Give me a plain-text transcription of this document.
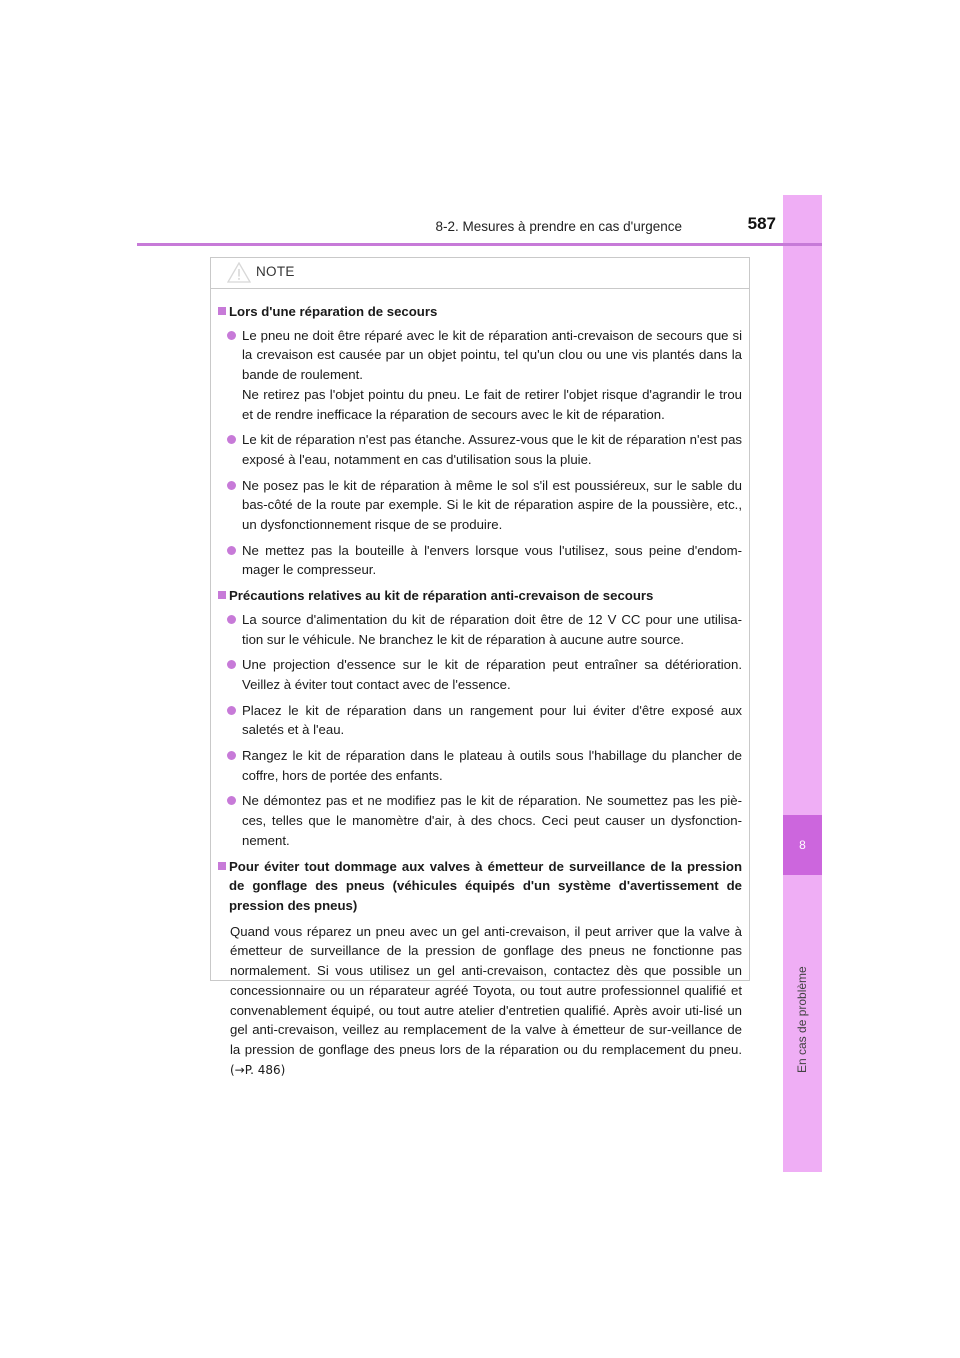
8
En cas de problème
8-2. Mesures à prendre en cas d'urgence	587
NOTE
Lors d'une réparation de secours

Le pneu ne doit être réparé avec le kit de réparation anti-crevaison de secours que si la crevaison est causée par un objet pointu, tel qu'un clou ou une vis plantés dans la bande de roulement.

Ne retirez pas l'objet pointu du pneu. Le fait de retirer l'objet risque d'agrandir le trou et de rendre inefficace la réparation de secours avec le kit de réparation.

Le kit de réparation n'est pas étanche. Assurez-vous que le kit de réparation n'est pas exposé à l'eau, notamment en cas d'utilisation sous la pluie.

Ne posez pas le kit de réparation à même le sol s'il est poussiéreux, sur le sable du bas-côté de la route par exemple. Si le kit de réparation aspire de la poussière, etc., un dysfonctionnement risque de se produire.

Ne mettez pas la bouteille à l'envers lorsque vous l'utilisez, sous peine d'endom-mager le compresseur.

Précautions relatives au kit de réparation anti-crevaison de secours

La source d'alimentation du kit de réparation doit être de 12 V CC pour une utilisa-tion sur le véhicule. Ne branchez le kit de réparation à aucune autre source.

Une projection d'essence sur le kit de réparation peut entraîner sa détérioration. Veillez à éviter tout contact avec de l'essence.

Placez le kit de réparation dans un rangement pour lui éviter d'être exposé aux saletés et à l'eau.

Rangez le kit de réparation dans le plateau à outils sous l'habillage du plancher de coffre, hors de portée des enfants.

Ne démontez pas et ne modifiez pas le kit de réparation. Ne soumettez pas les piè-ces, telles que le manomètre d'air, à des chocs. Ceci peut causer un dysfonction-nement.

Pour éviter tout dommage aux valves à émetteur de surveillance de la pression de gonflage des pneus (véhicules équipés d'un système d'avertissement de pression des pneus)

Quand vous réparez un pneu avec un gel anti-crevaison, il peut arriver que la valve à émetteur de surveillance de la pression de gonflage des pneus ne fonctionne pas normalement. Si vous utilisez un gel anti-crevaison, contactez dès que possible un concessionnaire ou un réparateur agréé Toyota, ou tout autre professionnel qualifié et convenablement équipé, ou tout autre atelier d'entretien qualifié. Après avoir uti-lisé un gel anti-crevaison, veillez au remplacement de la valve à émetteur de sur-veillance de la pression de gonflage des pneus lors de la réparation ou du remplacement du pneu. (→P. 486)
